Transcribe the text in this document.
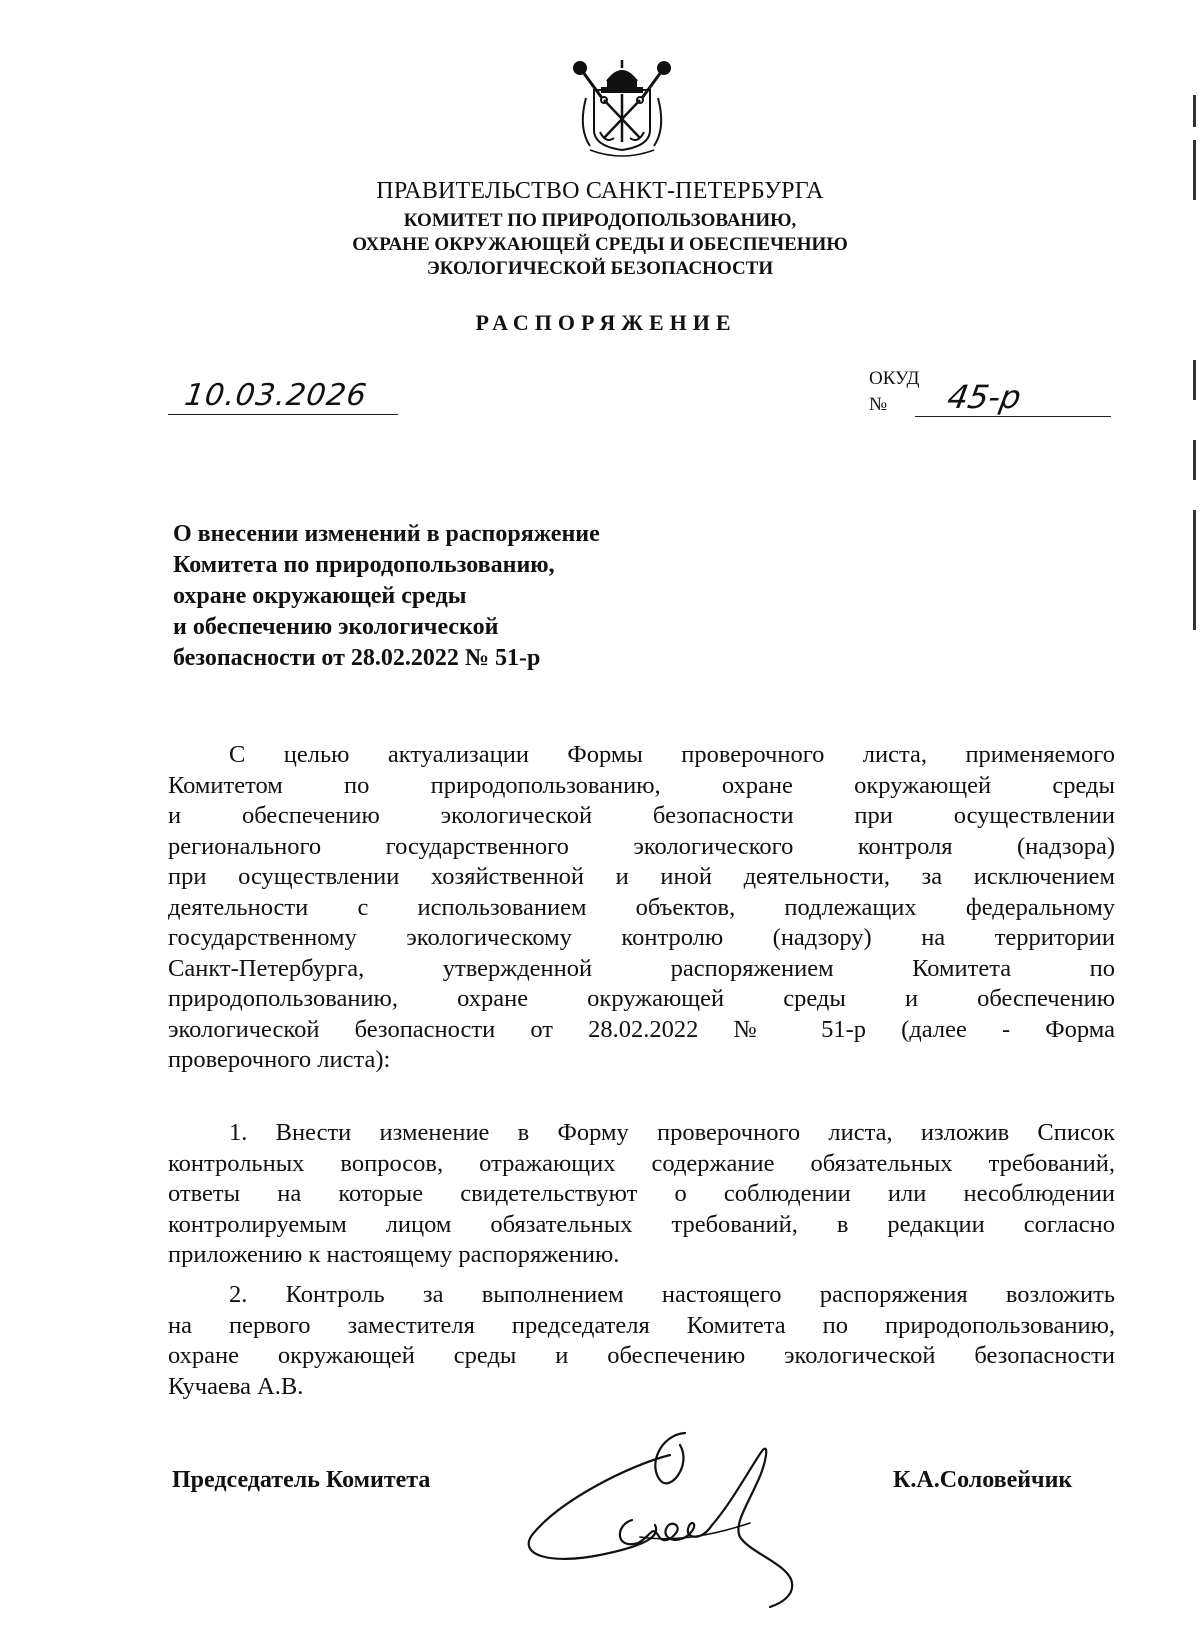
ПРАВИТЕЛЬСТВО САНКТ-ПЕТЕРБУРГА
КОМИТЕТ ПО ПРИРОДОПОЛЬЗОВАНИЮ,
ОХРАНЕ ОКРУЖАЮЩЕЙ СРЕДЫ И ОБЕСПЕЧЕНИЮ
ЭКОЛОГИЧЕСКОЙ БЕЗОПАСНОСТИ
РАСПОРЯЖЕНИЕ
10.03.2026	ОКУД
№ 45-р
О внесении изменений в распоряжение
Комитета по природопользованию,
охране окружающей среды
и обеспечению экологической
безопасности от 28.02.2022 № 51-р
С целью актуализации Формы проверочного листа, применяемого
Комитетом по природопользованию, охране окружающей среды
и обеспечению экологической безопасности при осуществлении
регионального государственного экологического контроля (надзора)
при осуществлении хозяйственной и иной деятельности, за исключением
деятельности с использованием объектов, подлежащих федеральному
государственному экологическому контролю (надзору) на территории
Санкт-Петербурга, утвержденной распоряжением Комитета по
природопользованию, охране окружающей среды и обеспечению
экологической безопасности от 28.02.2022 № 51-р (далее - Форма
проверочного листа):
1. Внести изменение в Форму проверочного листа, изложив Список
контрольных вопросов, отражающих содержание обязательных требований,
ответы на которые свидетельствуют о соблюдении или несоблюдении
контролируемым лицом обязательных требований, в редакции согласно
приложению к настоящему распоряжению.
2. Контроль за выполнением настоящего распоряжения возложить
на первого заместителя председателя Комитета по природопользованию,
охране окружающей среды и обеспечению экологической безопасности
Кучаева А.В.
Председатель Комитета	К.А.Соловейчик
